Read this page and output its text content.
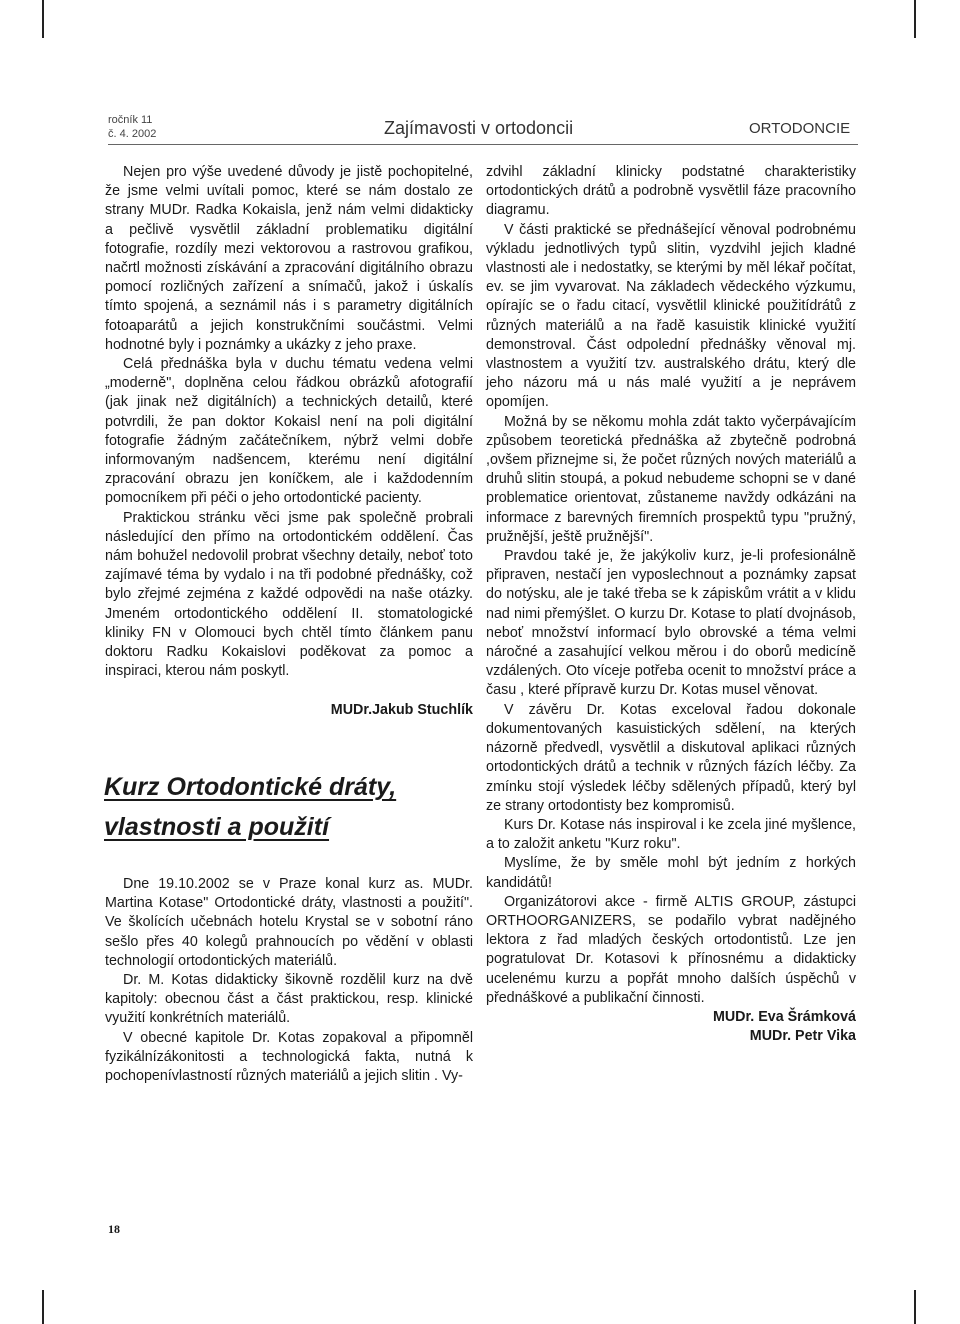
ročník 11
č. 4. 2002	Zajímavosti v ortodoncii	ORTODONCIE

Nejen pro výše uvedené důvody je jistě pochopitelné, že jsme velmi uvítali pomoc, které se nám dostalo ze strany MUDr. Radka Kokaisla, jenž nám velmi didakticky a pečlivě vysvětlil základní problematiku digitální fotografie, rozdíly mezi vektorovou a rastrovou grafikou, načrtl možnosti získávání a zpracování digitálního obrazu pomocí rozličných zařízení a snímačů, jakož i úskalís tímto spojená, a seznámil nás i s parametry digitálních fotoaparátů a jejich konstrukčními součástmi. Velmi hodnotné byly i poznámky a ukázky z jeho praxe.

Celá přednáška byla v duchu tématu vedena velmi „moderně", doplněna celou řádkou obrázků afotografií (jak jinak než digitálních) a technických detailů, které potvrdili, že pan doktor Kokaisl není na poli digitální fotografie žádným začátečníkem, nýbrž velmi dobře informovaným nadšencem, kterému není digitální zpracování obrazu jen koníčkem, ale i každodenním pomocníkem při péči o jeho ortodontické pacienty.

Praktickou stránku věci jsme pak společně probrali následující den přímo na ortodontickém oddělení. Čas nám bohužel nedovolil probrat všechny detaily, neboť toto zajímavé téma by vydalo i na tři podobné přednášky, což bylo zřejmé zejména z každé odpovědi na naše otázky. Jmeném ortodontického oddělení II. stomatologické kliniky FN v Olomouci bych chtěl tímto článkem panu doktoru Radku Kokaislovi poděkovat za pomoc a inspiraci, kterou nám poskytl.

MUDr.Jakub Stuchlík

Kurz Ortodontické dráty,
vlastnosti a použití

Dne 19.10.2002 se v Praze konal kurz as. MUDr. Martina Kotase" Ortodontické dráty, vlastnosti a použití". Ve školících učebnách hotelu Krystal se v sobotní ráno sešlo přes 40 kolegů prahnoucích po vědění v oblasti technologií ortodontických materiálů.

Dr. M. Kotas didakticky šikovně rozdělil kurz na dvě kapitoly: obecnou část a část praktickou, resp. klinické využití konkrétních materiálů.

V obecné kapitole Dr. Kotas zopakoval a připomněl fyzikálnízákonitosti a technologická fakta, nutná k pochopenívlastností různých materiálů a jejich slitin . Vy-

zdvihl základní klinicky podstatné charakteristiky ortodontických drátů a podrobně vysvětlil fáze pracovního diagramu.

V části praktické se přednášející věnoval podrobnému výkladu jednotlivých typů slitin, vyzdvihl jejich kladné vlastnosti ale i nedostatky, se kterými by měl lékař počítat, ev. se jim vyvarovat. Na základech vědeckého výzkumu, opírajíc se o řadu citací, vysvětlil klinické použitídrátů z různých materiálů a na řadě kasuistik klinické využití demonstroval. Část odpolední přednášky věnoval mj. vlastnostem a využití tzv. australského drátu, který dle jeho názoru má u nás malé využití a je neprávem opomíjen.

Možná by se někomu mohla zdát takto vyčerpávajícím způsobem teoretická přednáška až zbytečně podrobná ,ovšem přiznejme si, že počet různých nových materiálů a druhů slitin stoupá, a pokud nebudeme schopni se v dané problematice orientovat, zůstaneme navždy odkázáni na informace z barevných firemních prospektů typu "pružný, pružnější, ještě pružnější".

Pravdou také je, že jakýkoliv kurz, je-li profesionálně připraven, nestačí jen vyposlechnout a poznámky zapsat do notýsku, ale je také třeba se k zápiskům vrátit a v klidu nad nimi přemýšlet. O kurzu Dr. Kotase to platí dvojnásob, neboť množství informací bylo obrovské a téma velmi náročné a zasahující velkou měrou i do oborů medicíně vzdálených. Oto víceje potřeba ocenit to množství práce a času , které přípravě kurzu Dr. Kotas musel věnovat.

V závěru Dr. Kotas exceloval řadou dokonale dokumentovaných kasuistických sdělení, na kterých názorně předvedl, vysvětlil a diskutoval aplikaci různých ortodontických drátů a technik v různých fázích léčby. Za zmínku stojí výsledek léčby sdělených případů, který byl ze strany ortodontisty bez kompromisů.

Kurs Dr. Kotase nás inspiroval i ke zcela jiné myšlence, a to založit anketu "Kurz roku".

Myslíme, že by směle mohl být jedním z horkých kandidátů!

Organizátorovi akce - firmě ALTIS GROUP, zástupci ORTHOORGANIZERS, se podařilo vybrat nadějného lektora z řad mladých českých ortodontistů. Lze jen pogratulovat Dr. Kotasovi k přínosnému a didakticky ucelenému kurzu a popřát mnoho dalších úspěchů v přednáškové a publikační činnosti.

MUDr. Eva Šrámková

MUDr. Petr Vika

18
